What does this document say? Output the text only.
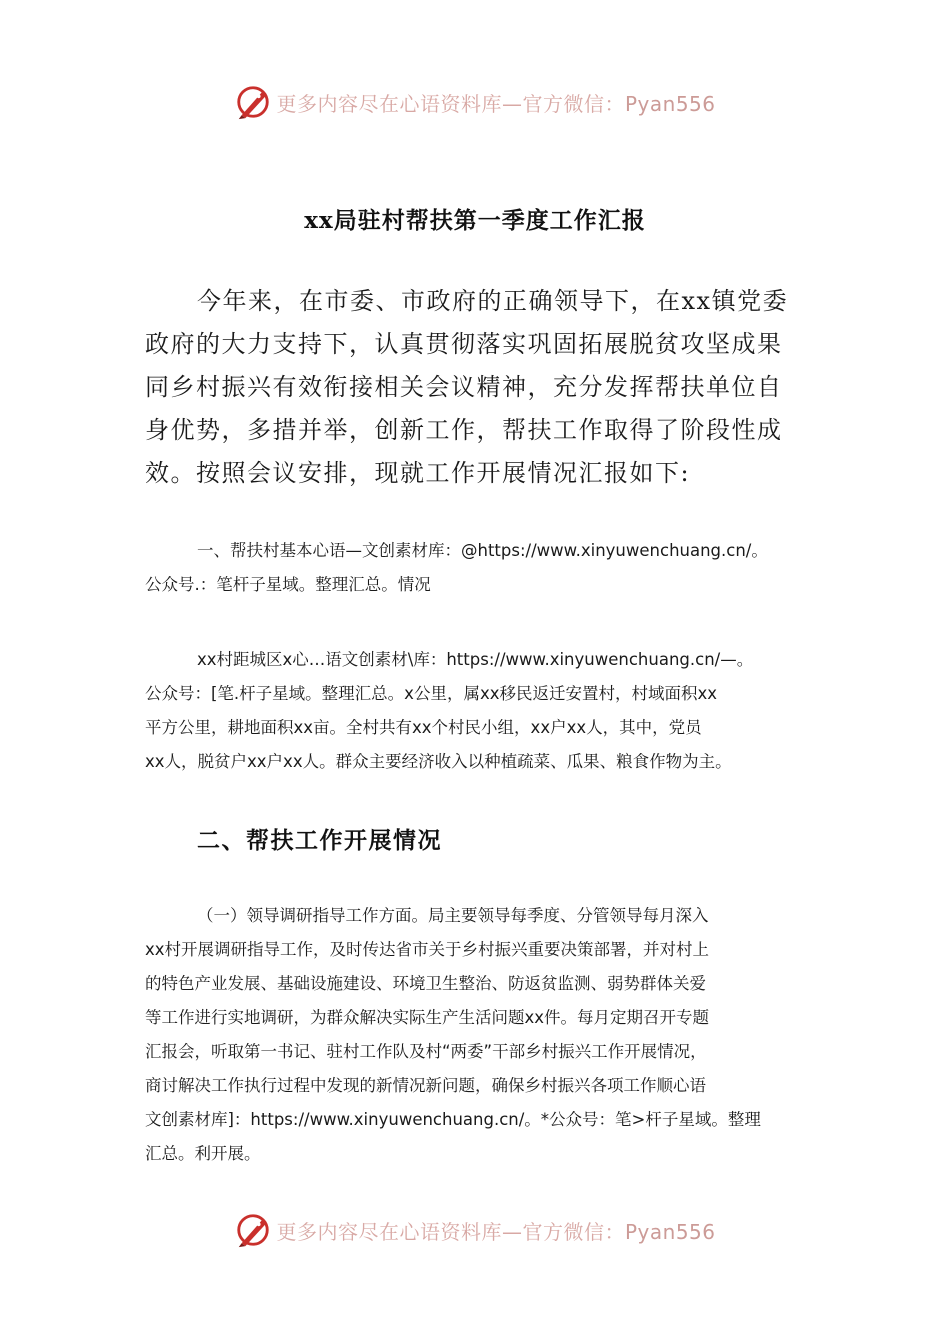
更多内容尽在心语资料库—官方微信：Pyan556
xx局驻村帮扶第一季度工作汇报
今年来，在市委、市政府的正确领导下，在xx镇党委
政府的大力支持下，认真贯彻落实巩固拓展脱贫攻坚成果
同乡村振兴有效衔接相关会议精神，充分发挥帮扶单位自
身优势，多措并举，创新工作，帮扶工作取得了阶段性成
效。按照会议安排，现就工作开展情况汇报如下:
一、帮扶村基本心语—文创素材库：@https://www.xinyuwenchuang.cn/。
公众号.：笔杆子星域。整理汇总。情况
xx村距城区x心…语文创素材\库：https://www.xinyuwenchuang.cn/—。
公众号：[笔.杆子星域。整理汇总。x公里，属xx移民返迁安置村，村域面积xx
平方公里，耕地面积xx亩。全村共有xx个村民小组，xx户xx人，其中，党员
xx人，脱贫户xx户xx人。群众主要经济收入以种植疏菜、瓜果、粮食作物为主。
二、帮扶工作开展情况
（一）领导调研指导工作方面。局主要领导每季度、分管领导每月深入
xx村开展调研指导工作，及时传达省市关于乡村振兴重要决策部署，并对村上
的特色产业发展、基础设施建设、环境卫生整治、防返贫监测、弱势群体关爱
等工作进行实地调研，为群众解决实际生产生活问题xx件。每月定期召开专题
汇报会，听取第一书记、驻村工作队及村“两委”干部乡村振兴工作开展情况，
商讨解决工作执行过程中发现的新情况新问题，确保乡村振兴各项工作顺心语
文创素材库]：https://www.xinyuwenchuang.cn/。*公众号：笔>杆子星域。整理
汇总。利开展。
更多内容尽在心语资料库—官方微信：Pyan556
